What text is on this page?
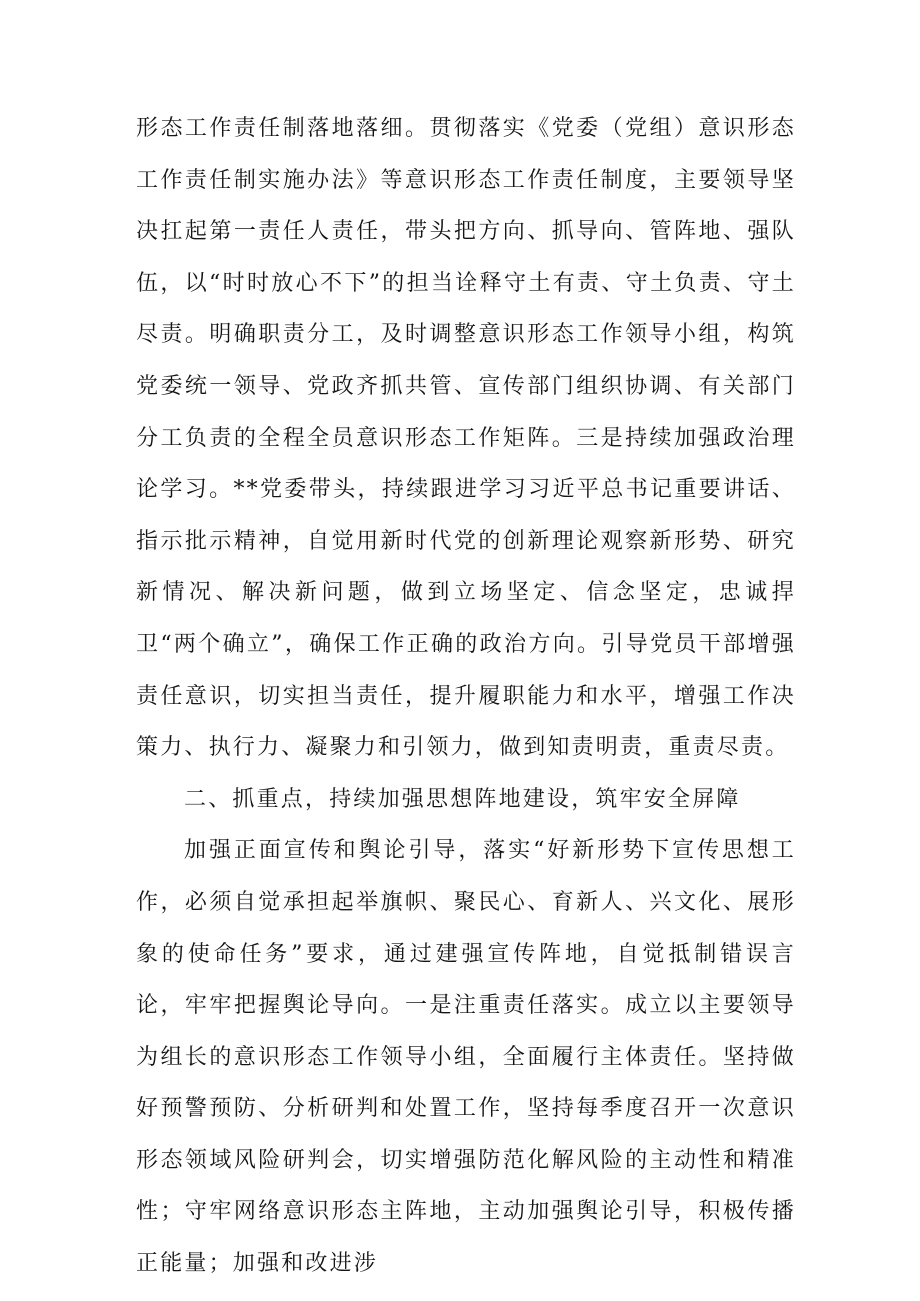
形态工作责任制落地落细。贯彻落实《党委（党组）意识形态工作责任制实施办法》等意识形态工作责任制度，主要领导坚决扛起第一责任人责任，带头把方向、抓导向、管阵地、强队伍，以“时时放心不下”的担当诠释守土有责、守土负责、守土尽责。明确职责分工，及时调整意识形态工作领导小组，构筑党委统一领导、党政齐抓共管、宣传部门组织协调、有关部门分工负责的全程全员意识形态工作矩阵。三是持续加强政治理论学习。**党委带头，持续跟进学习习近平总书记重要讲话、指示批示精神，自觉用新时代党的创新理论观察新形势、研究新情况、解决新问题，做到立场坚定、信念坚定，忠诚捍卫“两个确立”，确保工作正确的政治方向。引导党员干部增强责任意识，切实担当责任，提升履职能力和水平，增强工作决策力、执行力、凝聚力和引领力，做到知责明责，重责尽责。

二、抓重点，持续加强思想阵地建设，筑牢安全屏障

加强正面宣传和舆论引导，落实“好新形势下宣传思想工作，必须自觉承担起举旗帜、聚民心、育新人、兴文化、展形象的使命任务”要求，通过建强宣传阵地，自觉抵制错误言论，牢牢把握舆论导向。一是注重责任落实。成立以主要领导为组长的意识形态工作领导小组，全面履行主体责任。坚持做好预警预防、分析研判和处置工作，坚持每季度召开一次意识形态领域风险研判会，切实增强防范化解风险的主动性和精准性；守牢网络意识形态主阵地，主动加强舆论引导，积极传播正能量；加强和改进涉
